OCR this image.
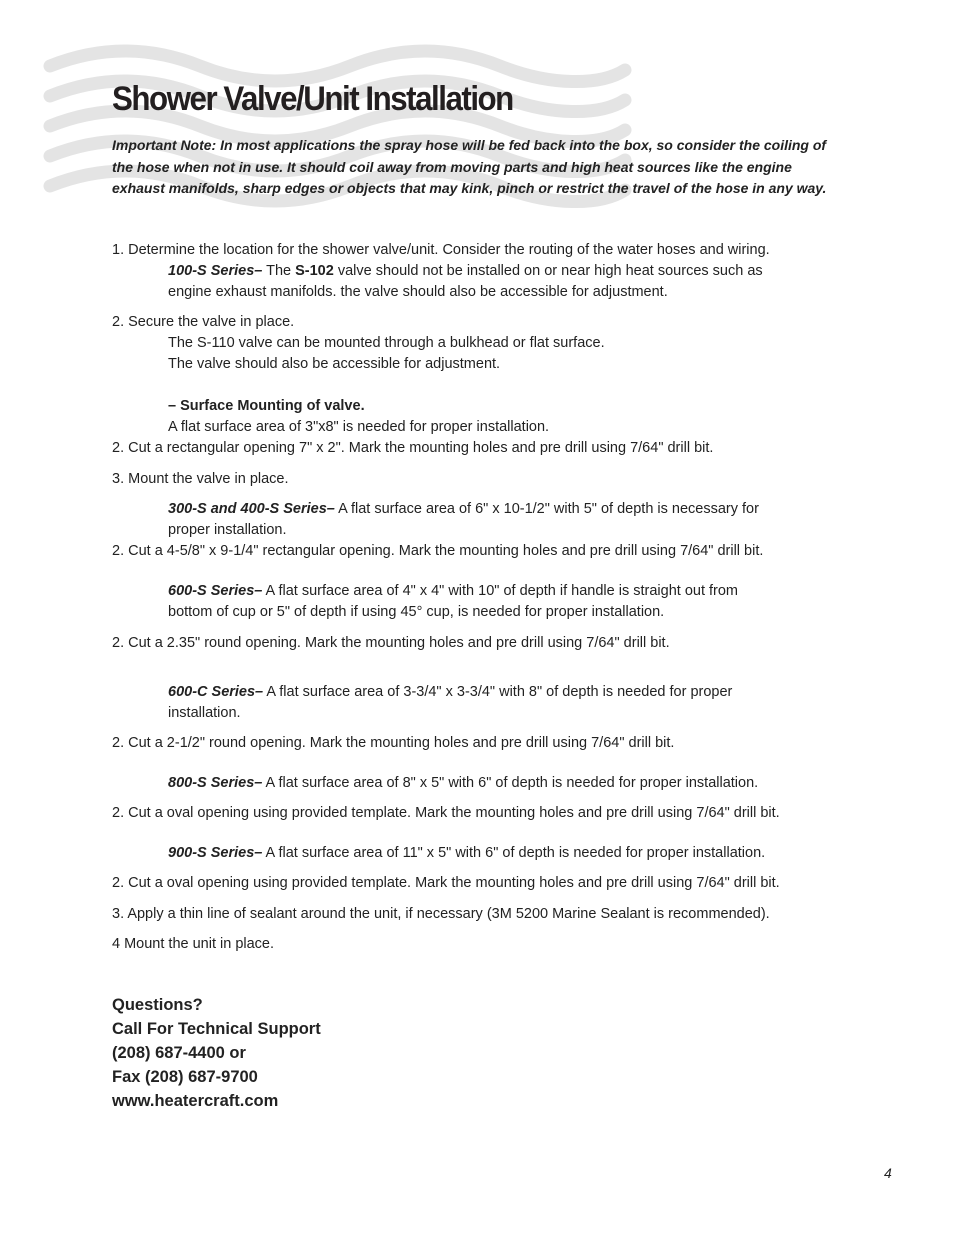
Shower Valve/Unit Installation

Important Note: In most applications the spray hose will be fed back into the box, so consider the coiling of the hose when not in use. It should coil away from moving parts and high heat sources like the engine exhaust manifolds, sharp edges or objects that may kink, pinch or restrict the travel of the hose in any way.

1. Determine the location for the shower valve/unit. Consider the routing of the water hoses and wiring.
100-S Series– The S-102 valve should not be installed on or near high heat sources such as
engine exhaust manifolds. the valve should also be accessible for adjustment.
2. Secure the valve in place.
The S-110 valve can be mounted through a bulkhead or flat surface.
The valve should also be accessible for adjustment.
– Surface Mounting of valve.
A flat surface area of 3"x8" is needed for proper installation.
2. Cut a rectangular opening 7" x 2". Mark the mounting holes and pre drill using 7/64" drill bit.
3. Mount the valve in place.
300-S and 400-S Series– A flat surface area of 6" x 10-1/2" with 5" of depth is necessary for
proper installation.
2. Cut a 4-5/8" x 9-1/4" rectangular opening. Mark the mounting holes and pre drill using 7/64" drill bit.
600-S Series– A flat surface area of 4" x 4" with 10" of depth if handle is straight out from
bottom of cup or 5" of depth if using 45° cup, is needed for proper installation.
2. Cut a 2.35" round opening. Mark the mounting holes and pre drill using 7/64" drill bit.
600-C Series– A flat surface area of 3-3/4" x 3-3/4" with 8" of depth is needed for proper
installation.
2. Cut a 2-1/2" round opening. Mark the mounting holes and pre drill using 7/64" drill bit.
800-S Series– A flat surface area of 8" x 5" with 6" of depth is needed for proper installation.
2. Cut a oval opening using provided template. Mark the mounting holes and pre drill using 7/64" drill bit.
900-S Series– A flat surface area of 11" x 5" with 6" of depth is needed for proper installation.
2. Cut a oval opening using provided template. Mark the mounting holes and pre drill using 7/64" drill bit.
3. Apply a thin line of sealant around the unit, if necessary (3M 5200 Marine Sealant is recommended).
4 Mount the unit in place.
Questions?
Call For Technical Support
(208) 687-4400 or
Fax (208) 687-9700
www.heatercraft.com
4
